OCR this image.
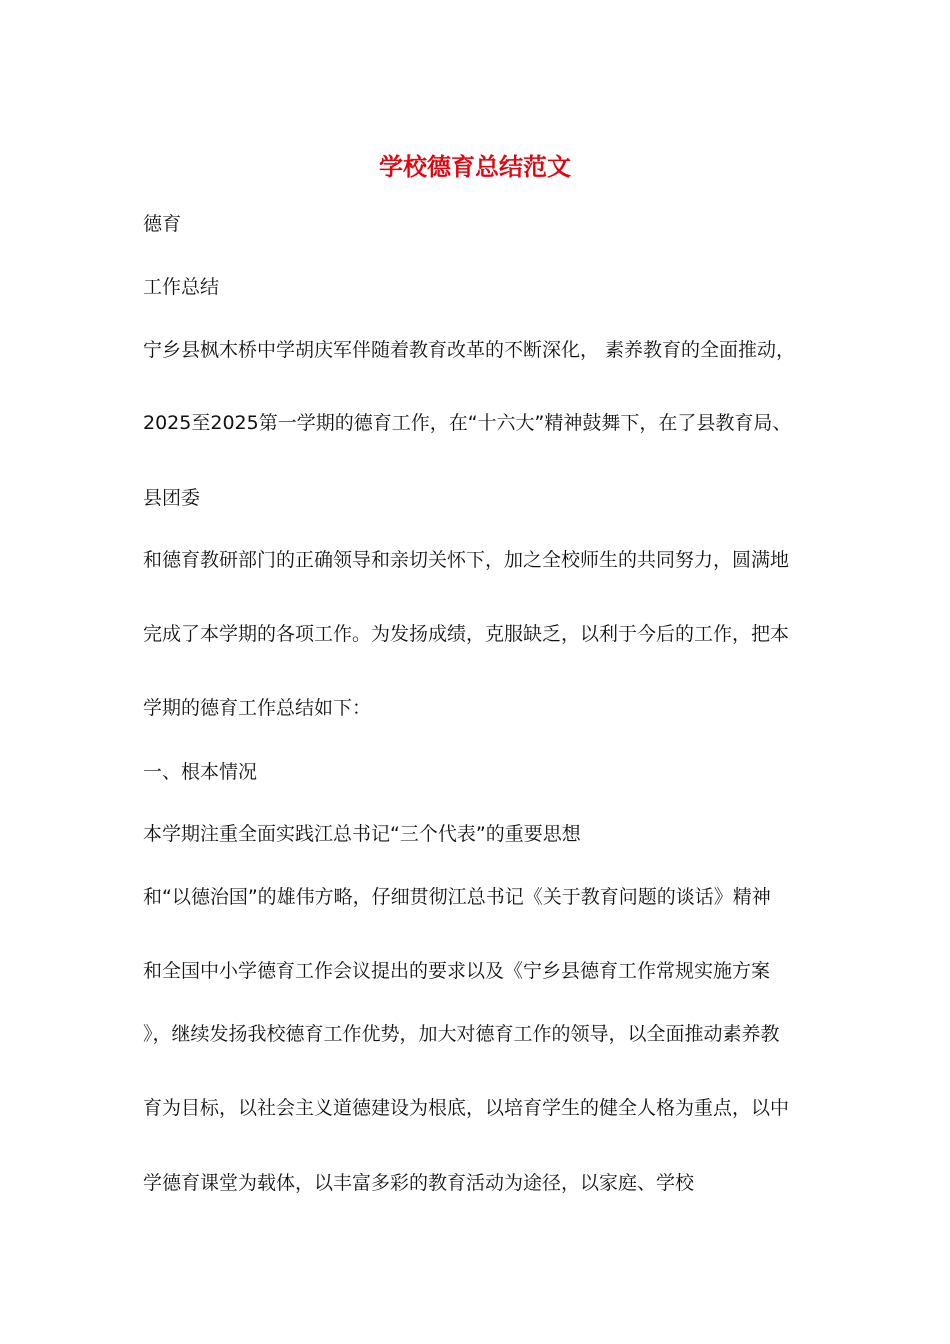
学校德育总结范文

德育

工作总结

宁乡县枫木桥中学胡庆军伴随着教育改革的不断深化， 素养教育的全面推动，

2025至2025第一学期的德育工作，在“十六大”精神鼓舞下，在了县教育局、

县团委

和德育教研部门的正确领导和亲切关怀下，加之全校师生的共同努力，圆满地

完成了本学期的各项工作。为发扬成绩，克服缺乏，以利于今后的工作，把本

学期的德育工作总结如下：

一、根本情况

本学期注重全面实践江总书记“三个代表”的重要思想

和“以德治国”的雄伟方略，仔细贯彻江总书记《关于教育问题的谈话》精神

和全国中小学德育工作会议提出的要求以及《宁乡县德育工作常规实施方案

》，继续发扬我校德育工作优势，加大对德育工作的领导，以全面推动素养教

育为目标，以社会主义道德建设为根底，以培育学生的健全人格为重点，以中

学德育课堂为载体，以丰富多彩的教育活动为途径，以家庭、学校
